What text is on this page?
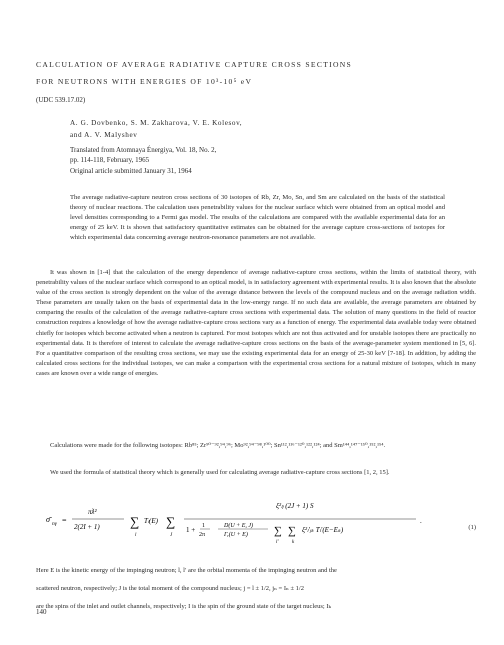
CALCULATION OF AVERAGE RADIATIVE CAPTURE CROSS SECTIONS
FOR NEUTRONS WITH ENERGIES OF 10³-10⁵ eV
(UDC 539.17.02)
A. G. Dovbenko, S. M. Zakharova, V. E. Kolesov,
and A. V. Malyshev
Translated from Atomnaya Énergiya, Vol. 18, No. 2,
pp. 114-118, February, 1965
Original article submitted January 31, 1964
The average radiative-capture neutron cross sections of 30 isotopes of Rb, Zr, Mo, Sn, and Sm are calculated on the basis of the statistical theory of nuclear reactions. The calculation uses penetrability values for the nuclear surface which were obtained from an optical model and level densities corresponding to a Fermi gas model. The results of the calculations are compared with the available experimental data for an energy of 25 keV. It is shown that satisfactory quantitative estimates can be obtained for the average capture cross-sections of isotopes for which experimental data concerning average neutron-resonance parameters are not available.

It was shown in [1-4] that the calculation of the energy dependence of average radiative-capture cross sections, within the limits of statistical theory, with penetrability values of the nuclear surface which correspond to an optical model, is in satisfactory agreement with experimental results. It is also known that the absolute value of the cross section is strongly dependent on the value of the average distance between the levels of the compound nucleus and on the average radiation width. These parameters are usually taken on the basis of experimental data in the low-energy range. If no such data are available, the average parameters are obtained by comparing the results of the calculation of the average radiative-capture cross sections with experimental data. The solution of many questions in the field of reactor construction requires a knowledge of how the average radiative-capture cross sections vary as a function of energy. The experimental data available today were obtained chiefly for isotopes which become activated when a neutron is captured. For most isotopes which are not thus activated and for unstable isotopes there are practically no experimental data. It is therefore of interest to calculate the average radiative-capture cross sections on the basis of the average-parameter system mentioned in [5, 6]. For a quantitative comparison of the resulting cross sections, we may use the existing experimental data for an energy of 25-30 keV [7-18]. In addition, by adding the calculated cross sections for the individual isotopes, we can make a comparison with the experimental cross sections for a natural mixture of isotopes, which in many cases are known over a wide range of energies.

Calculations were made for the following isotopes: Rb⁸⁵; Zr⁹⁰⁻⁹²,⁹⁴,⁹⁶; Mo⁹²,⁹⁴⁻⁹⁸,¹⁰⁰; Sn¹¹²,¹¹⁶⁻¹²⁰,¹²²,¹²⁴; and Sm¹⁴⁴,¹⁴⁷⁻¹⁵⁰,¹⁵²,¹⁵⁴.
We used the formula of statistical theory which is generally used for calculating average radiative-capture cross sections [1, 2, 15].
σ̄ nγ =
πƛ²
2(2I + 1) ∑
l
Tₗ(E) ∑
J
ξ²ₗⱼ (2J + 1) S
1 + 1
2π
D(U + E, J)
Γᵧ(U + E) ∑
l′
∑
k
ξ²ₗ′ⱼₖ Tₗ′(E−Eₖ)
.
(1)
Here E is the kinetic energy of the impinging neutron; l, l′ are the orbital momenta of the impinging neutron and the
scattered neutron, respectively; J is the total moment of the compound nucleus; j = l ± 1/2, jₙ = Iₙ ± 1/2
are the spins of the inlet and outlet channels, respectively; I is the spin of the ground state of the target nucleus; Iₖ
140
